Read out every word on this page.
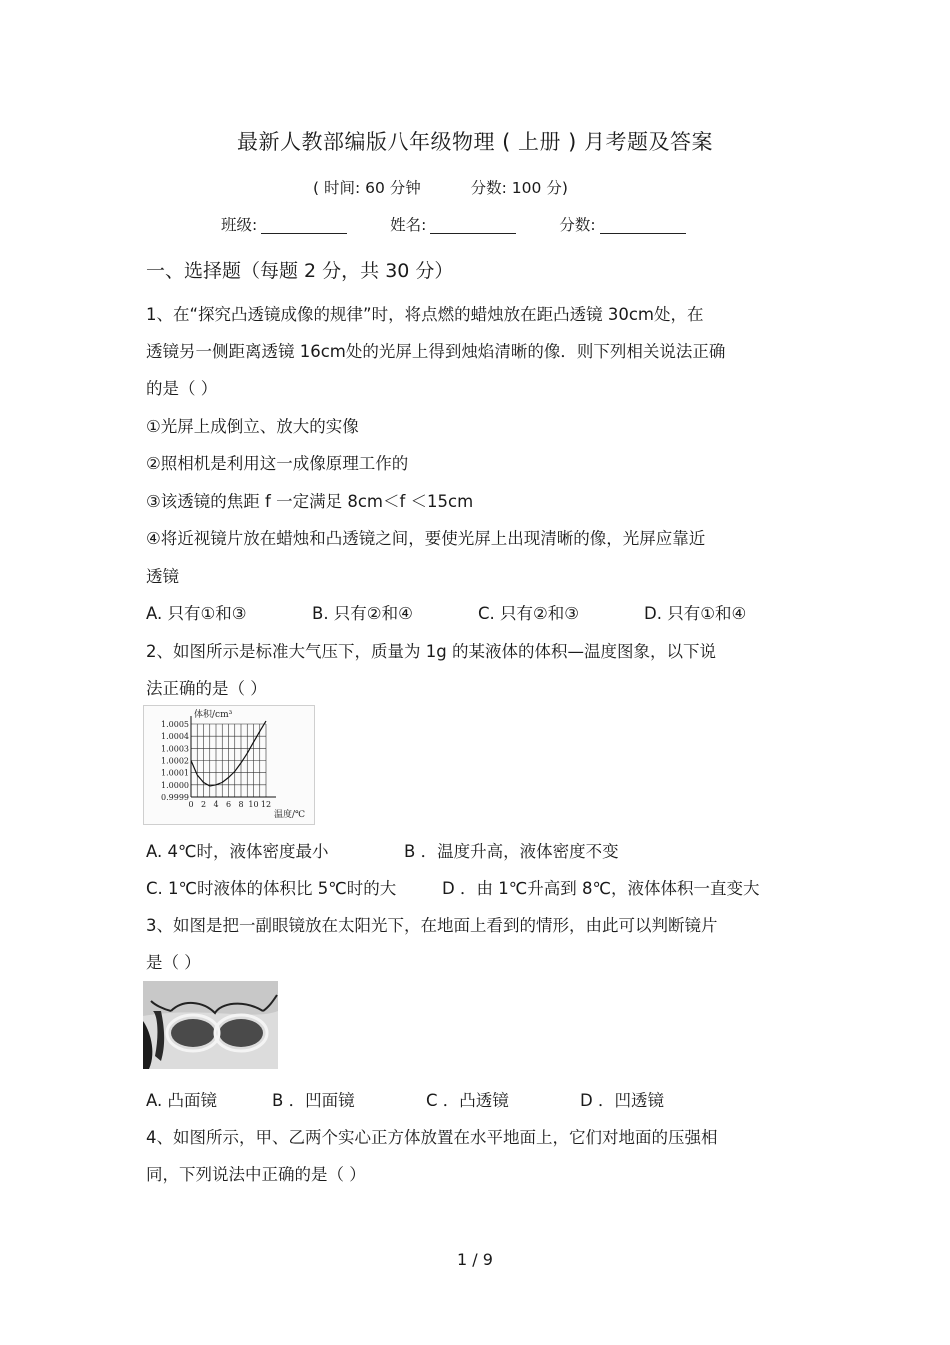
最新人教部编版八年级物理 ( 上册 ) 月考题及答案
( 时间: 60 分钟	分数: 100 分)
班级:	姓名:	分数:
一、选择题（每题 2 分，共 30 分）
1、在“探究凸透镜成像的规律”时，将点燃的蜡烛放在距凸透镜 30cm处，在
透镜另一侧距离透镜 16cm处的光屏上得到烛焰清晰的像．则下列相关说法正确
的是（ ）
①光屏上成倒立、放大的实像
②照相机是利用这一成像原理工作的
③该透镜的焦距 f 一定满足 8cm＜f ＜15cm
④将近视镜片放在蜡烛和凸透镜之间，要使光屏上出现清晰的像，光屏应靠近
透镜
A. 只有①和③	B. 只有②和④	C. 只有②和③	D. 只有①和④
2、如图所示是标准大气压下，质量为 1g 的某液体的体积—温度图象，以下说
法正确的是（ ）
体积/cm³
温度/℃
0.9999
1.0000
1.0001
1.0002
1.0003
1.0004
1.0005
0 2 4 6 8 10 12
A. 4℃时，液体密度最小	B ．温度升高，液体密度不变
C. 1℃时液体的体积比 5℃时的大	D ．由 1℃升高到 8℃，液体体积一直变大
3、如图是把一副眼镜放在太阳光下，在地面上看到的情形，由此可以判断镜片
是（ ）
A. 凸面镜	B ．凹面镜	C ．凸透镜	D ．凹透镜
4、如图所示，甲、乙两个实心正方体放置在水平地面上，它们对地面的压强相
同，下列说法中正确的是（ ）
1 / 9
